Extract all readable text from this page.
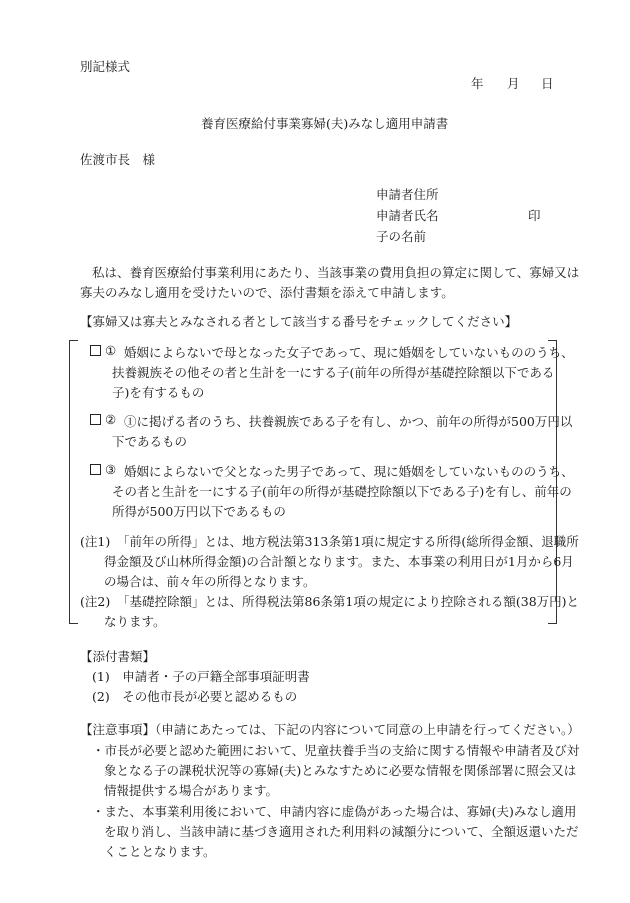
別記様式
年 月 日
養育医療給付事業寡婦(夫)みなし適用申請書
佐渡市長　様
申請者住所
申請者氏名	印
子の名前
私は、養育医療給付事業利用にあたり、当該事業の費用負担の算定に関して、寡婦又は
寡夫のみなし適用を受けたいので、添付書類を添えて申請します。
【寡婦又は寡夫とみなされる者として該当する番号をチェックしてください】
① 婚姻によらないで母となった女子であって、現に婚姻をしていないもののうち、
扶養親族その他その者と生計を一にする子(前年の所得が基礎控除額以下である
子)を有するもの
② ①に掲げる者のうち、扶養親族である子を有し、かつ、前年の所得が500万円以
下であるもの
③ 婚姻によらないで父となった男子であって、現に婚姻をしていないもののうち、
その者と生計を一にする子(前年の所得が基礎控除額以下である子)を有し、前年の
所得が500万円以下であるもの
(注1) 「前年の所得」とは、地方税法第313条第1項に規定する所得(総所得金額、退職所
得金額及び山林所得金額)の合計額となります。また、本事業の利用日が1月から6月
の場合は、前々年の所得となります。
(注2) 「基礎控除額」とは、所得税法第86条第1項の規定により控除される額(38万円)と
なります。
【添付書類】
(1)　申請者・子の戸籍全部事項証明書
(2)　その他市長が必要と認めるもの
【注意事項】（申請にあたっては、下記の内容について同意の上申請を行ってください。）
・市長が必要と認めた範囲において、児童扶養手当の支給に関する情報や申請者及び対
象となる子の課税状況等の寡婦(夫)とみなすために必要な情報を関係部署に照会又は
情報提供する場合があります。
・また、本事業利用後において、申請内容に虚偽があった場合は、寡婦(夫)みなし適用
を取り消し、当該申請に基づき適用された利用料の減額分について、全額返還いただ
くこととなります。
